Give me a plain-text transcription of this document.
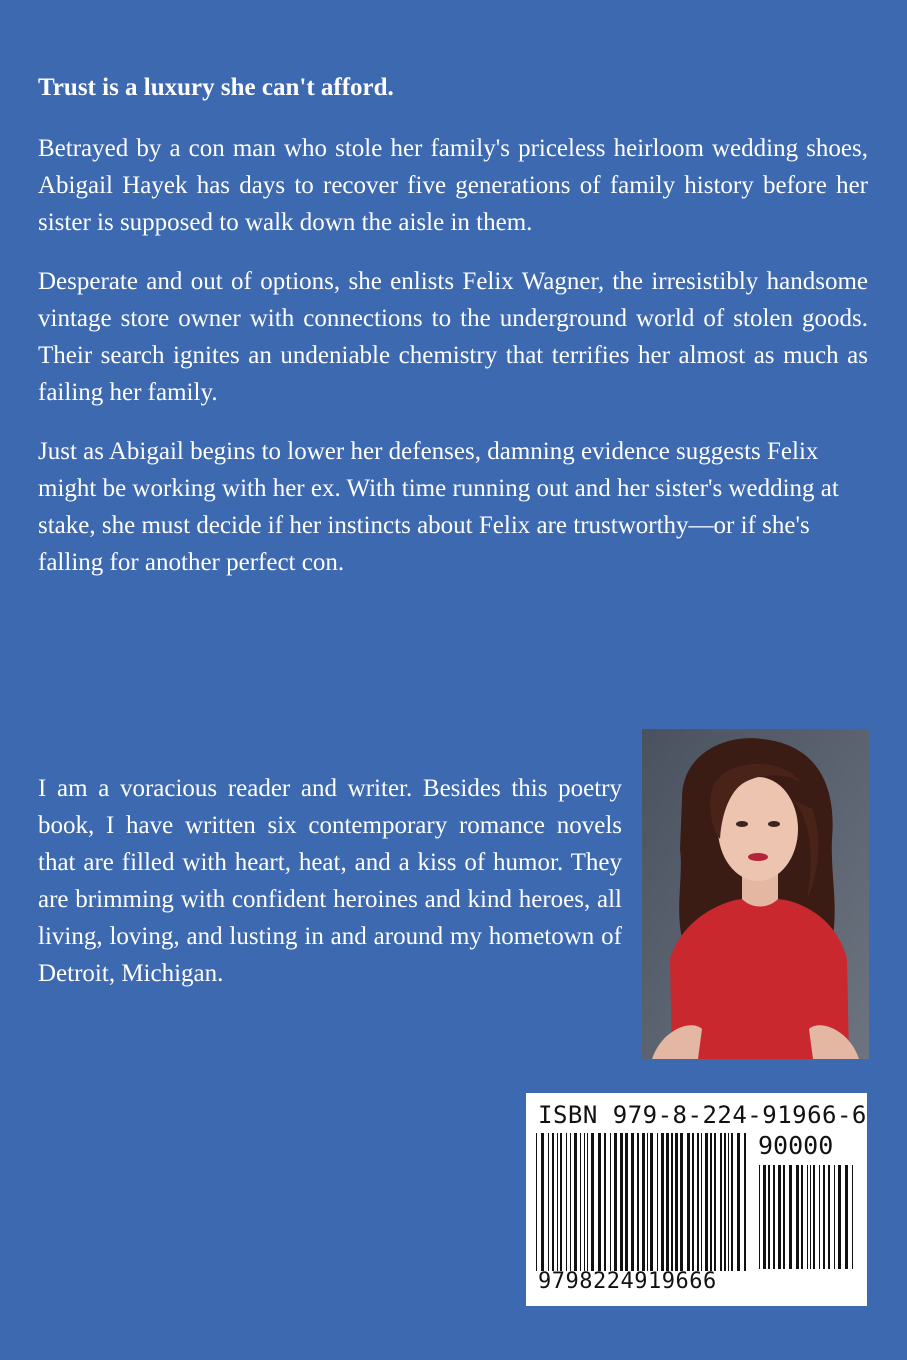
Trust is a luxury she can't afford.

Betrayed by a con man who stole her family's priceless heirloom wedding shoes, Abigail Hayek has days to recover five generations of family history before her sister is supposed to walk down the aisle in them.

Desperate and out of options, she enlists Felix Wagner, the irresistibly handsome vintage store owner with connections to the underground world of stolen goods. Their search ignites an undeniable chemistry that terrifies her almost as much as failing her family.

Just as Abigail begins to lower her defenses, damning evidence suggests Felix might be working with her ex. With time running out and her sister's wedding at stake, she must decide if her instincts about Felix are trustworthy—or if she's falling for another perfect con.

I am a voracious reader and writer. Besides this poetry book, I have written six contemporary romance novels that are filled with heart, heat, and a kiss of humor. They are brimming with confident heroines and kind heroes, all living, loving, and lusting in and around my hometown of Detroit, Michigan.

ISBN 979-8-224-91966-6
90000
9798224919666
